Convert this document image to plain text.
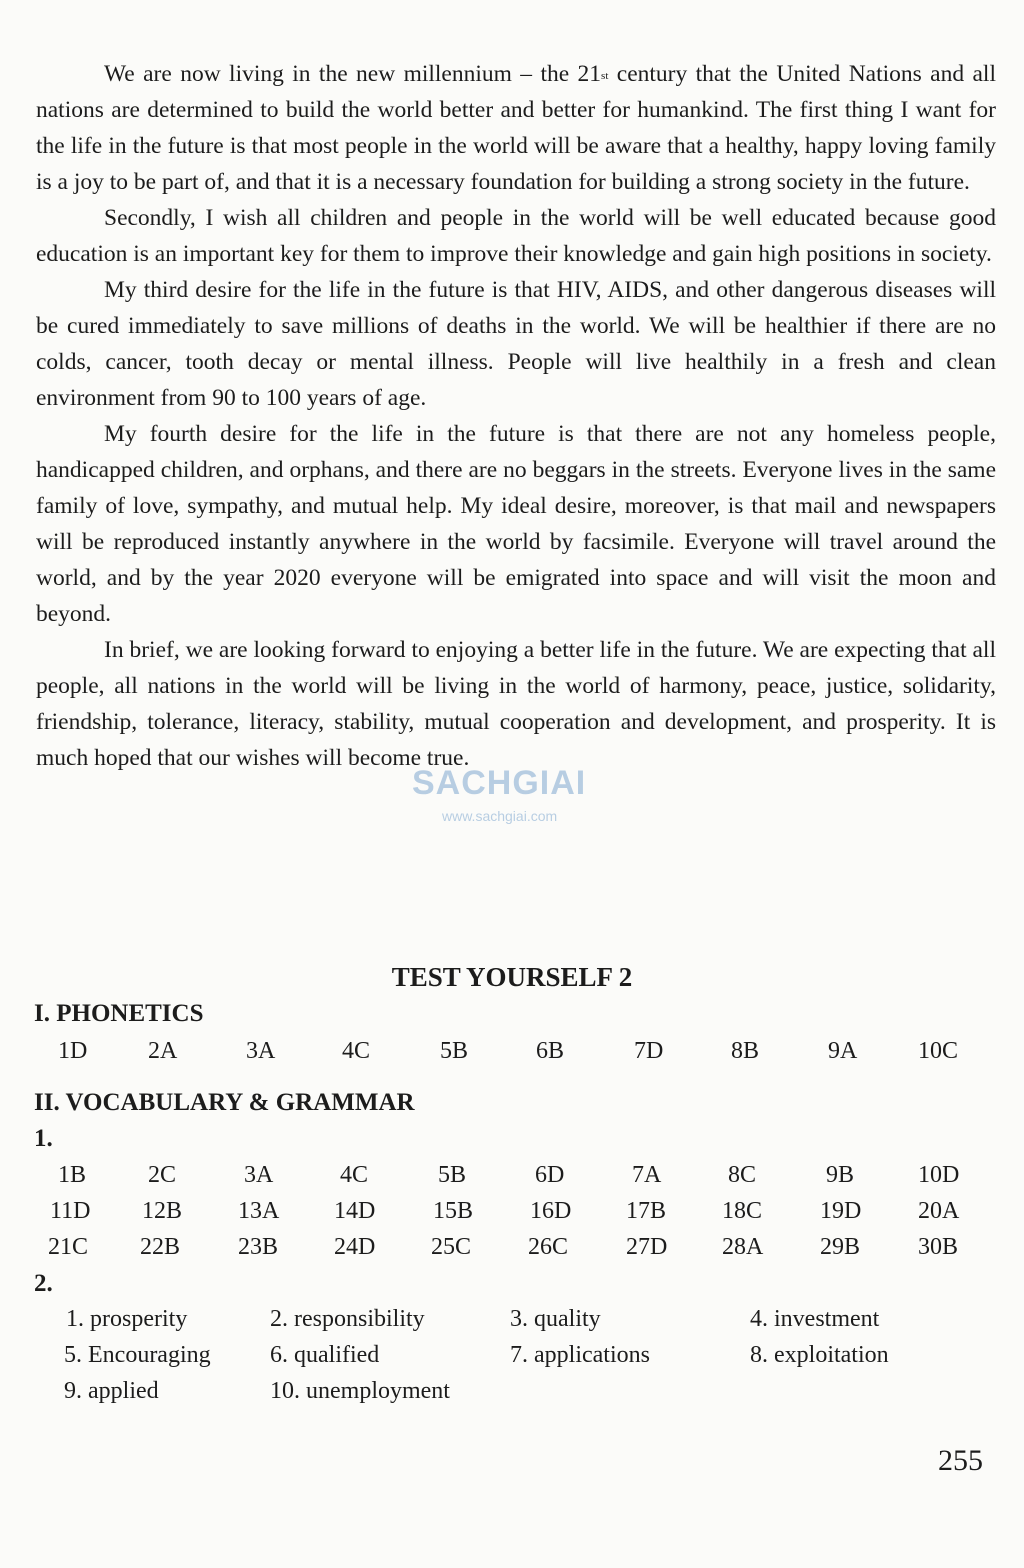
We are now living in the new millennium – the 21st century that the United Nations and all nations are determined to build the world better and better for humankind. The first thing I want for the life in the future is that most people in the world will be aware that a healthy, happy loving family is a joy to be part of, and that it is a necessary foundation for building a strong society in the future.

Secondly, I wish all children and people in the world will be well educated because good education is an important key for them to improve their knowledge and gain high positions in society.

My third desire for the life in the future is that HIV, AIDS, and other dangerous diseases will be cured immediately to save millions of deaths in the world. We will be healthier if there are no colds, cancer, tooth decay or mental illness. People will live healthily in a fresh and clean environment from 90 to 100 years of age.

My fourth desire for the life in the future is that there are not any homeless people, handicapped children, and orphans, and there are no beggars in the streets. Everyone lives in the same family of love, sympathy, and mutual help. My ideal desire, moreover, is that mail and newspapers will be reproduced instantly anywhere in the world by facsimile. Everyone will travel around the world, and by the year 2020 everyone will be emigrated into space and will visit the moon and beyond.

In brief, we are looking forward to enjoying a better life in the future. We are expecting that all people, all nations in the world will be living in the world of harmony, peace, justice, solidarity, friendship, tolerance, literacy, stability, mutual cooperation and development, and prosperity. It is much hoped that our wishes will become true.

SACHGIAI
www.sachgiai.com
TEST YOURSELF 2
I. PHONETICS
1D	2A	3A	4C	5B	6B	7D	8B	9A	10C
II. VOCABULARY & GRAMMAR
1.
1B	2C	3A	4C	5B	6D	7A	8C	9B	10D
11D 12B 13A 14D 15B 16D 17B 18C 19D 20A
21C 22B 23B 24D 25C 26C 27D 28A 29B 30B
2.
1. prosperity	2. responsibility	3. quality	4. investment
5. Encouraging 6. qualified	7. applications	8. exploitation
9. applied	10. unemployment
255
